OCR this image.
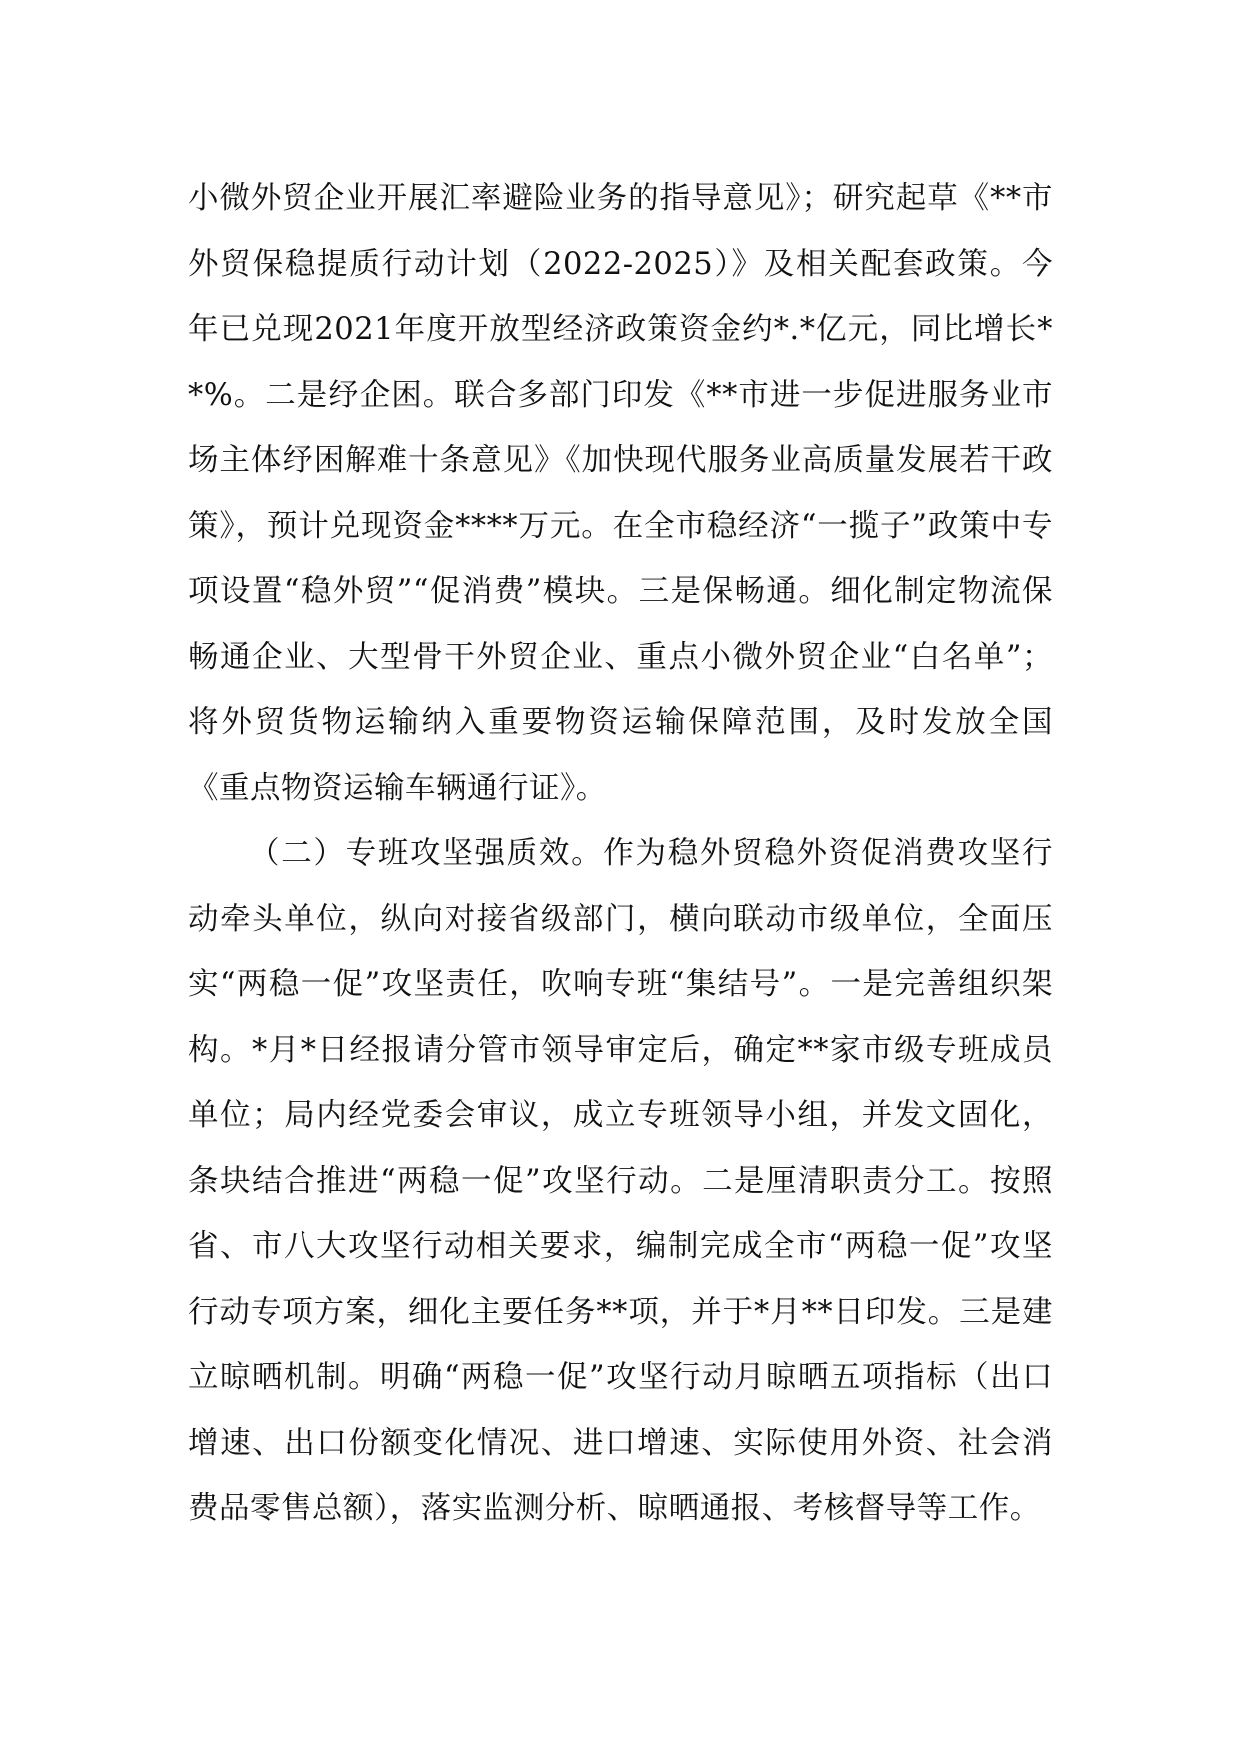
小微外贸企业开展汇率避险业务的指导意见》；研究起草《**市外贸保稳提质行动计划（2022-2025）》及相关配套政策。今年已兑现2021年度开放型经济政策资金约*.*亿元，同比增长**%。二是纾企困。联合多部门印发《**市进一步促进服务业市场主体纾困解难十条意见》《加快现代服务业高质量发展若干政策》，预计兑现资金****万元。在全市稳经济“一揽子”政策中专项设置“稳外贸”“促消费”模块。三是保畅通。细化制定物流保畅通企业、大型骨干外贸企业、重点小微外贸企业“白名单”；将外贸货物运输纳入重要物资运输保障范围，及时发放全国《重点物资运输车辆通行证》。

（二）专班攻坚强质效。作为稳外贸稳外资促消费攻坚行动牵头单位，纵向对接省级部门，横向联动市级单位，全面压实“两稳一促”攻坚责任，吹响专班“集结号”。一是完善组织架构。*月*日经报请分管市领导审定后，确定**家市级专班成员单位；局内经党委会审议，成立专班领导小组，并发文固化，条块结合推进“两稳一促”攻坚行动。二是厘清职责分工。按照省、市八大攻坚行动相关要求，编制完成全市“两稳一促”攻坚行动专项方案，细化主要任务**项，并于*月**日印发。三是建立晾晒机制。明确“两稳一促”攻坚行动月晾晒五项指标（出口增速、出口份额变化情况、进口增速、实际使用外资、社会消费品零售总额），落实监测分析、晾晒通报、考核督导等工作。
